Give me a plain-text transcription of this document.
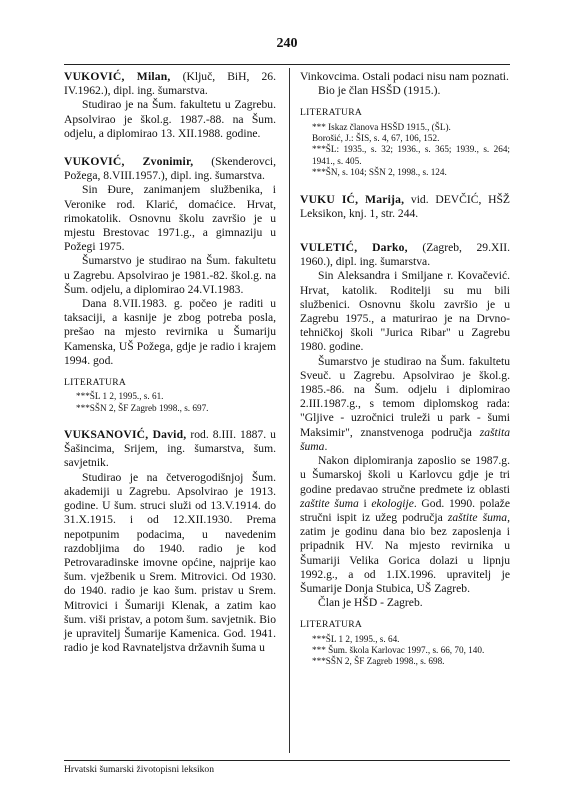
240

VUKOVIĆ, Milan, (Ključ, BiH, 26. IV.1962.), dipl. ing. šumarstva.

Studirao je na Šum. fakultetu u Zagrebu. Apsolvirao je škol.g. 1987.-88. na Šum. odjelu, a diplomirao 13. XII.1988. godine.

VUKOVIĆ, Zvonimir, (Skenderovci, Požega, 8.VIII.1957.), dipl. ing. šumarstva.

Sin Đure, zanimanjem službenika, i Veronike rod. Klarić, domaćice. Hrvat, rimokatolik. Osnovnu školu završio je u mjestu Brestovac 1971.g., a gimnaziju u Požegi 1975.

Šumarstvo je studirao na Šum. fakultetu u Zagrebu. Apsolvirao je 1981.-82. škol.g. na Šum. odjelu, a diplomirao 24.VI.1983.

Dana 8.VII.1983. g. počeo je raditi u taksaciji, a kasnije je zbog potreba posla, prešao na mjesto revirnika u Šumariju Kamenska, UŠ Požega, gdje je radio i krajem 1994. god.

LITERATURA
***ŠL 1 2, 1995., s. 61.
***SŠN 2, ŠF Zagreb 1998., s. 697.

VUKSANOVIĆ, David, rod. 8.III. 1887. u Šašincima, Srijem, ing. šumarstva, šum. savjetnik.

Studirao je na četverogodišnjoj Šum. akademiji u Zagrebu. Apsolvirao je 1913. godine. U šum. struci služi od 13.V.1914. do 31.X.1915. i od 12.XII.1930. Prema nepotpunim podacima, u navedenim razdobljima do 1940. radio je kod Petrovaradinske imovne općine, najprije kao šum. vježbenik u Srem. Mitrovici. Od 1930. do 1940. radio je kao šum. pristav u Srem. Mitrovici i Šumariji Klenak, a zatim kao šum. viši pristav, a potom šum. savjetnik. Bio je upravitelj Šumarije Kamenica. God. 1941. radio je kod Ravnateljstva državnih šuma u

Vinkovcima. Ostali podaci nisu nam poznati.

Bio je član HSŠD (1915.).

LITERATURA
*** Iskaz članova HSŠD 1915., (ŠL).
Borošić, J.: ŠIS, s. 4, 67, 106, 152.
***ŠL: 1935., s. 32; 1936., s. 365; 1939., s. 264; 1941., s. 405.
***ŠN, s. 104; SŠN 2, 1998., s. 124.

VUKU IĆ, Marija, vid. DEVČIĆ, HŠŽ Leksikon, knj. 1, str. 244.

VULETIĆ, Darko, (Zagreb, 29.XII. 1960.), dipl. ing. šumarstva.

Sin Aleksandra i Smiljane r. Kovačević. Hrvat, katolik. Roditelji su mu bili službenici. Osnovnu školu završio je u Zagrebu 1975., a maturirao je na Drvno-tehničkoj školi "Jurica Ribar" u Zagrebu 1980. godine.

Šumarstvo je studirao na Šum. fakultetu Sveuč. u Zagrebu. Apsolvirao je škol.g. 1985.-86. na Šum. odjelu i diplomirao 2.III.1987.g., s temom diplomskog rada: "Gljive - uzročnici truleži u park - šumi Maksimir", znanstvenoga područja zaštita šuma.

Nakon diplomiranja zaposlio se 1987.g. u Šumarskoj školi u Karlovcu gdje je tri godine predavao stručne predmete iz oblasti zaštite šuma i ekologije. God. 1990. polaže stručni ispit iz užeg područja zaštite šuma, zatim je godinu dana bio bez zaposlenja i pripadnik HV. Na mjesto revirnika u Šumariji Velika Gorica dolazi u lipnju 1992.g., a od 1.IX.1996. upravitelj je Šumarije Donja Stubica, UŠ Zagreb.

Član je HŠD - Zagreb.

LITERATURA
***ŠL 1 2, 1995., s. 64.
*** Šum. škola Karlovac 1997., s. 66, 70, 140.
***SŠN 2, ŠF Zagreb 1998., s. 698.
Hrvatski šumarski životopisni leksikon
